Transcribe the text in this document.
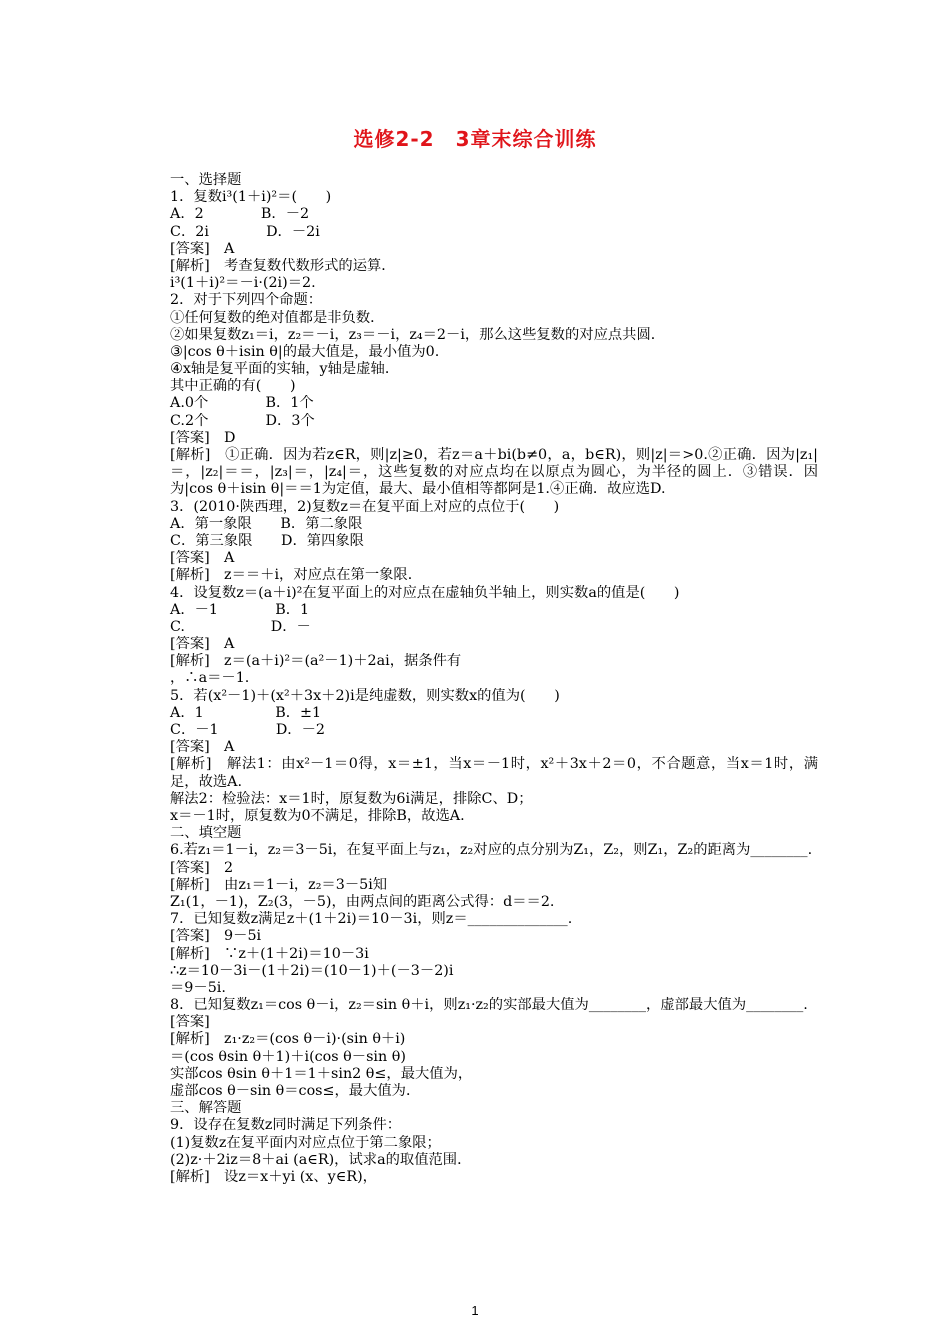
选修2-2　3章末综合训练
一、选择题
1．复数i³(1＋i)²＝(　　)
A．2　　　　B．－2
C．2i　　　　D．－2i
[答案]　A
[解析]　考查复数代数形式的运算．
i³(1＋i)²＝－i·(2i)＝2.
2．对于下列四个命题：
①任何复数的绝对值都是非负数．
②如果复数z₁＝i，z₂＝－i，z₃＝－i，z₄＝2－i，那么这些复数的对应点共圆．
③|cos θ＋isin θ|的最大值是，最小值为0.
④x轴是复平面的实轴，y轴是虚轴．
其中正确的有(　　)
A.0个　　　　B．1个
C.2个　　　　D．3个
[答案]　D
[解析]　①正确．因为若z∈R，则|z|≥0，若z＝a＋bi(b≠0，a，b∈R)，则|z|＝>0.②正确．因为|z₁|＝，|z₂|＝＝，|z₃|＝，|z₄|＝，这些复数的对应点均在以原点为圆心，为半径的圆上．③错误．因为|cos θ＋isin θ|＝＝1为定值，最大、最小值相等都阿是1.④正确．故应选D.
3．(2010·陕西理，2)复数z＝在复平面上对应的点位于(　　)
A．第一象限　　B．第二象限
C．第三象限　　D．第四象限
[答案]　A
[解析]　z＝＝＋i，对应点在第一象限．
4．设复数z＝(a＋i)²在复平面上的对应点在虚轴负半轴上，则实数a的值是(　　)
A．－1　　　　B．1
C.　　　　　　D．－
[答案]　A
[解析]　z＝(a＋i)²＝(a²－1)＋2ai，据条件有
，∴a＝－1.
5．若(x²－1)＋(x²＋3x＋2)i是纯虚数，则实数x的值为(　　)
A．1　　　　　B．±1
C．－1　　　　D．－2
[答案]　A
[解析]　解法1：由x²－1＝0得，x＝±1，当x＝－1时，x²＋3x＋2＝0，不合题意，当x＝1时，满足，故选A.
解法2：检验法：x＝1时，原复数为6i满足，排除C、D；
x＝－1时，原复数为0不满足，排除B，故选A.
二、填空题
6.若z₁＝1－i，z₂＝3－5i，在复平面上与z₁，z₂对应的点分别为Z₁，Z₂，则Z₁，Z₂的距离为________.
[答案]　2
[解析]　由z₁＝1－i，z₂＝3－5i知
Z₁(1，－1)，Z₂(3，－5)，由两点间的距离公式得：d＝＝2.
7．已知复数z满足z＋(1＋2i)＝10－3i，则z＝______________.
[答案]　9－5i
[解析]　∵z＋(1＋2i)＝10－3i
∴z＝10－3i－(1＋2i)＝(10－1)＋(－3－2)i
＝9－5i.
8．已知复数z₁＝cos θ－i，z₂＝sin θ＋i，则z₁·z₂的实部最大值为________，虚部最大值为________.
[答案]
[解析]　z₁·z₂＝(cos θ－i)·(sin θ＋i)
＝(cos θsin θ＋1)＋i(cos θ－sin θ)
实部cos θsin θ＋1＝1＋sin2 θ≤，最大值为，
虚部cos θ－sin θ＝cos≤，最大值为．
三、解答题
9．设存在复数z同时满足下列条件：
(1)复数z在复平面内对应点位于第二象限；
(2)z·＋2iz＝8＋ai (a∈R)，试求a的取值范围．
[解析]　设z＝x＋yi (x、y∈R)，
1
